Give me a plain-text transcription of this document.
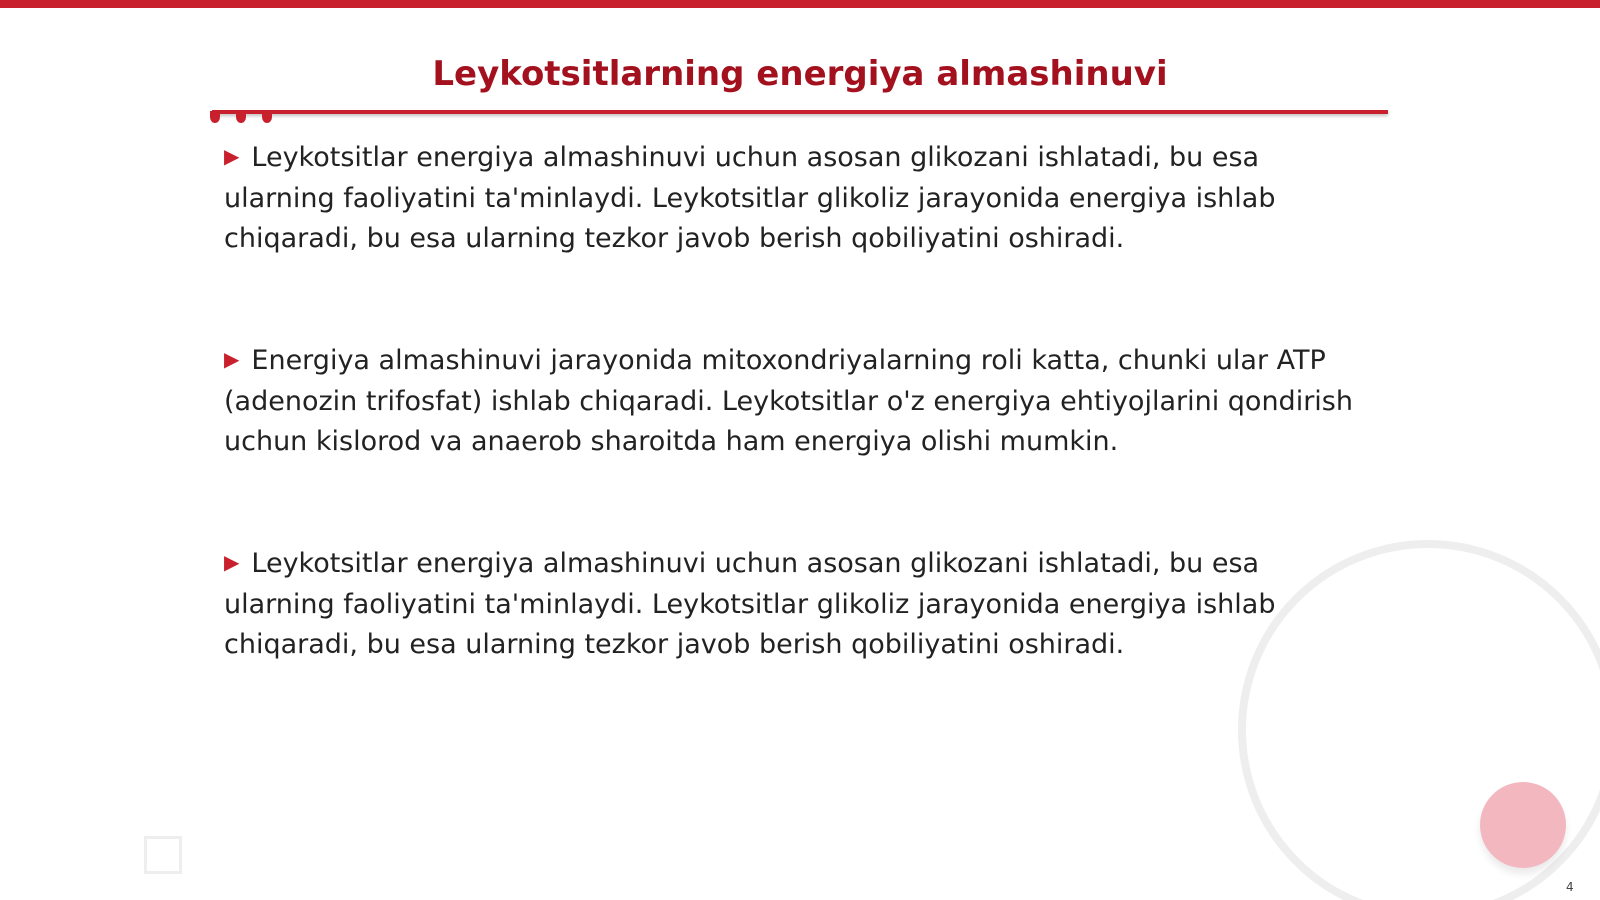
Leykotsitlarning energiya almashinuvi
▶ Leykotsitlar energiya almashinuvi uchun asosan glikozani ishlatadi, bu esa ularning faoliyatini ta'minlaydi. Leykotsitlar glikoliz jarayonida energiya ishlab chiqaradi, bu esa ularning tezkor javob berish qobiliyatini oshiradi.
▶ Energiya almashinuvi jarayonida mitoxondriyalarning roli katta, chunki ular ATP (adenozin trifosfat) ishlab chiqaradi. Leykotsitlar o'z energiya ehtiyojlarini qondirish uchun kislorod va anaerob sharoitda ham energiya olishi mumkin.
▶ Leykotsitlar energiya almashinuvi uchun asosan glikozani ishlatadi, bu esa ularning faoliyatini ta'minlaydi. Leykotsitlar glikoliz jarayonida energiya ishlab chiqaradi, bu esa ularning tezkor javob berish qobiliyatini oshiradi.
4
